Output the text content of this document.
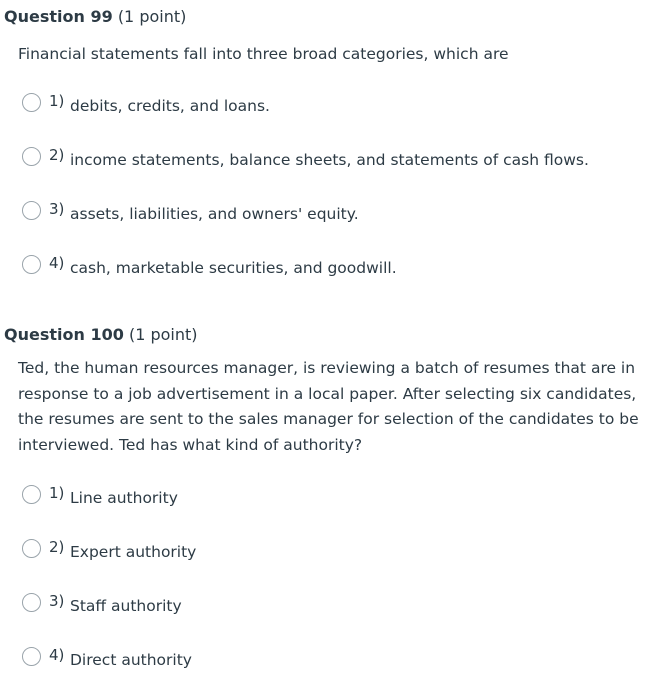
Question 99 (1 point)
Financial statements fall into three broad categories, which are
1) debits, credits, and loans.
2) income statements, balance sheets, and statements of cash flows.
3) assets, liabilities, and owners' equity.
4) cash, marketable securities, and goodwill.
Question 100 (1 point)
Ted, the human resources manager, is reviewing a batch of resumes that are in response to a job advertisement in a local paper. After selecting six candidates, the resumes are sent to the sales manager for selection of the candidates to be interviewed. Ted has what kind of authority?
1) Line authority
2) Expert authority
3) Staff authority
4) Direct authority
